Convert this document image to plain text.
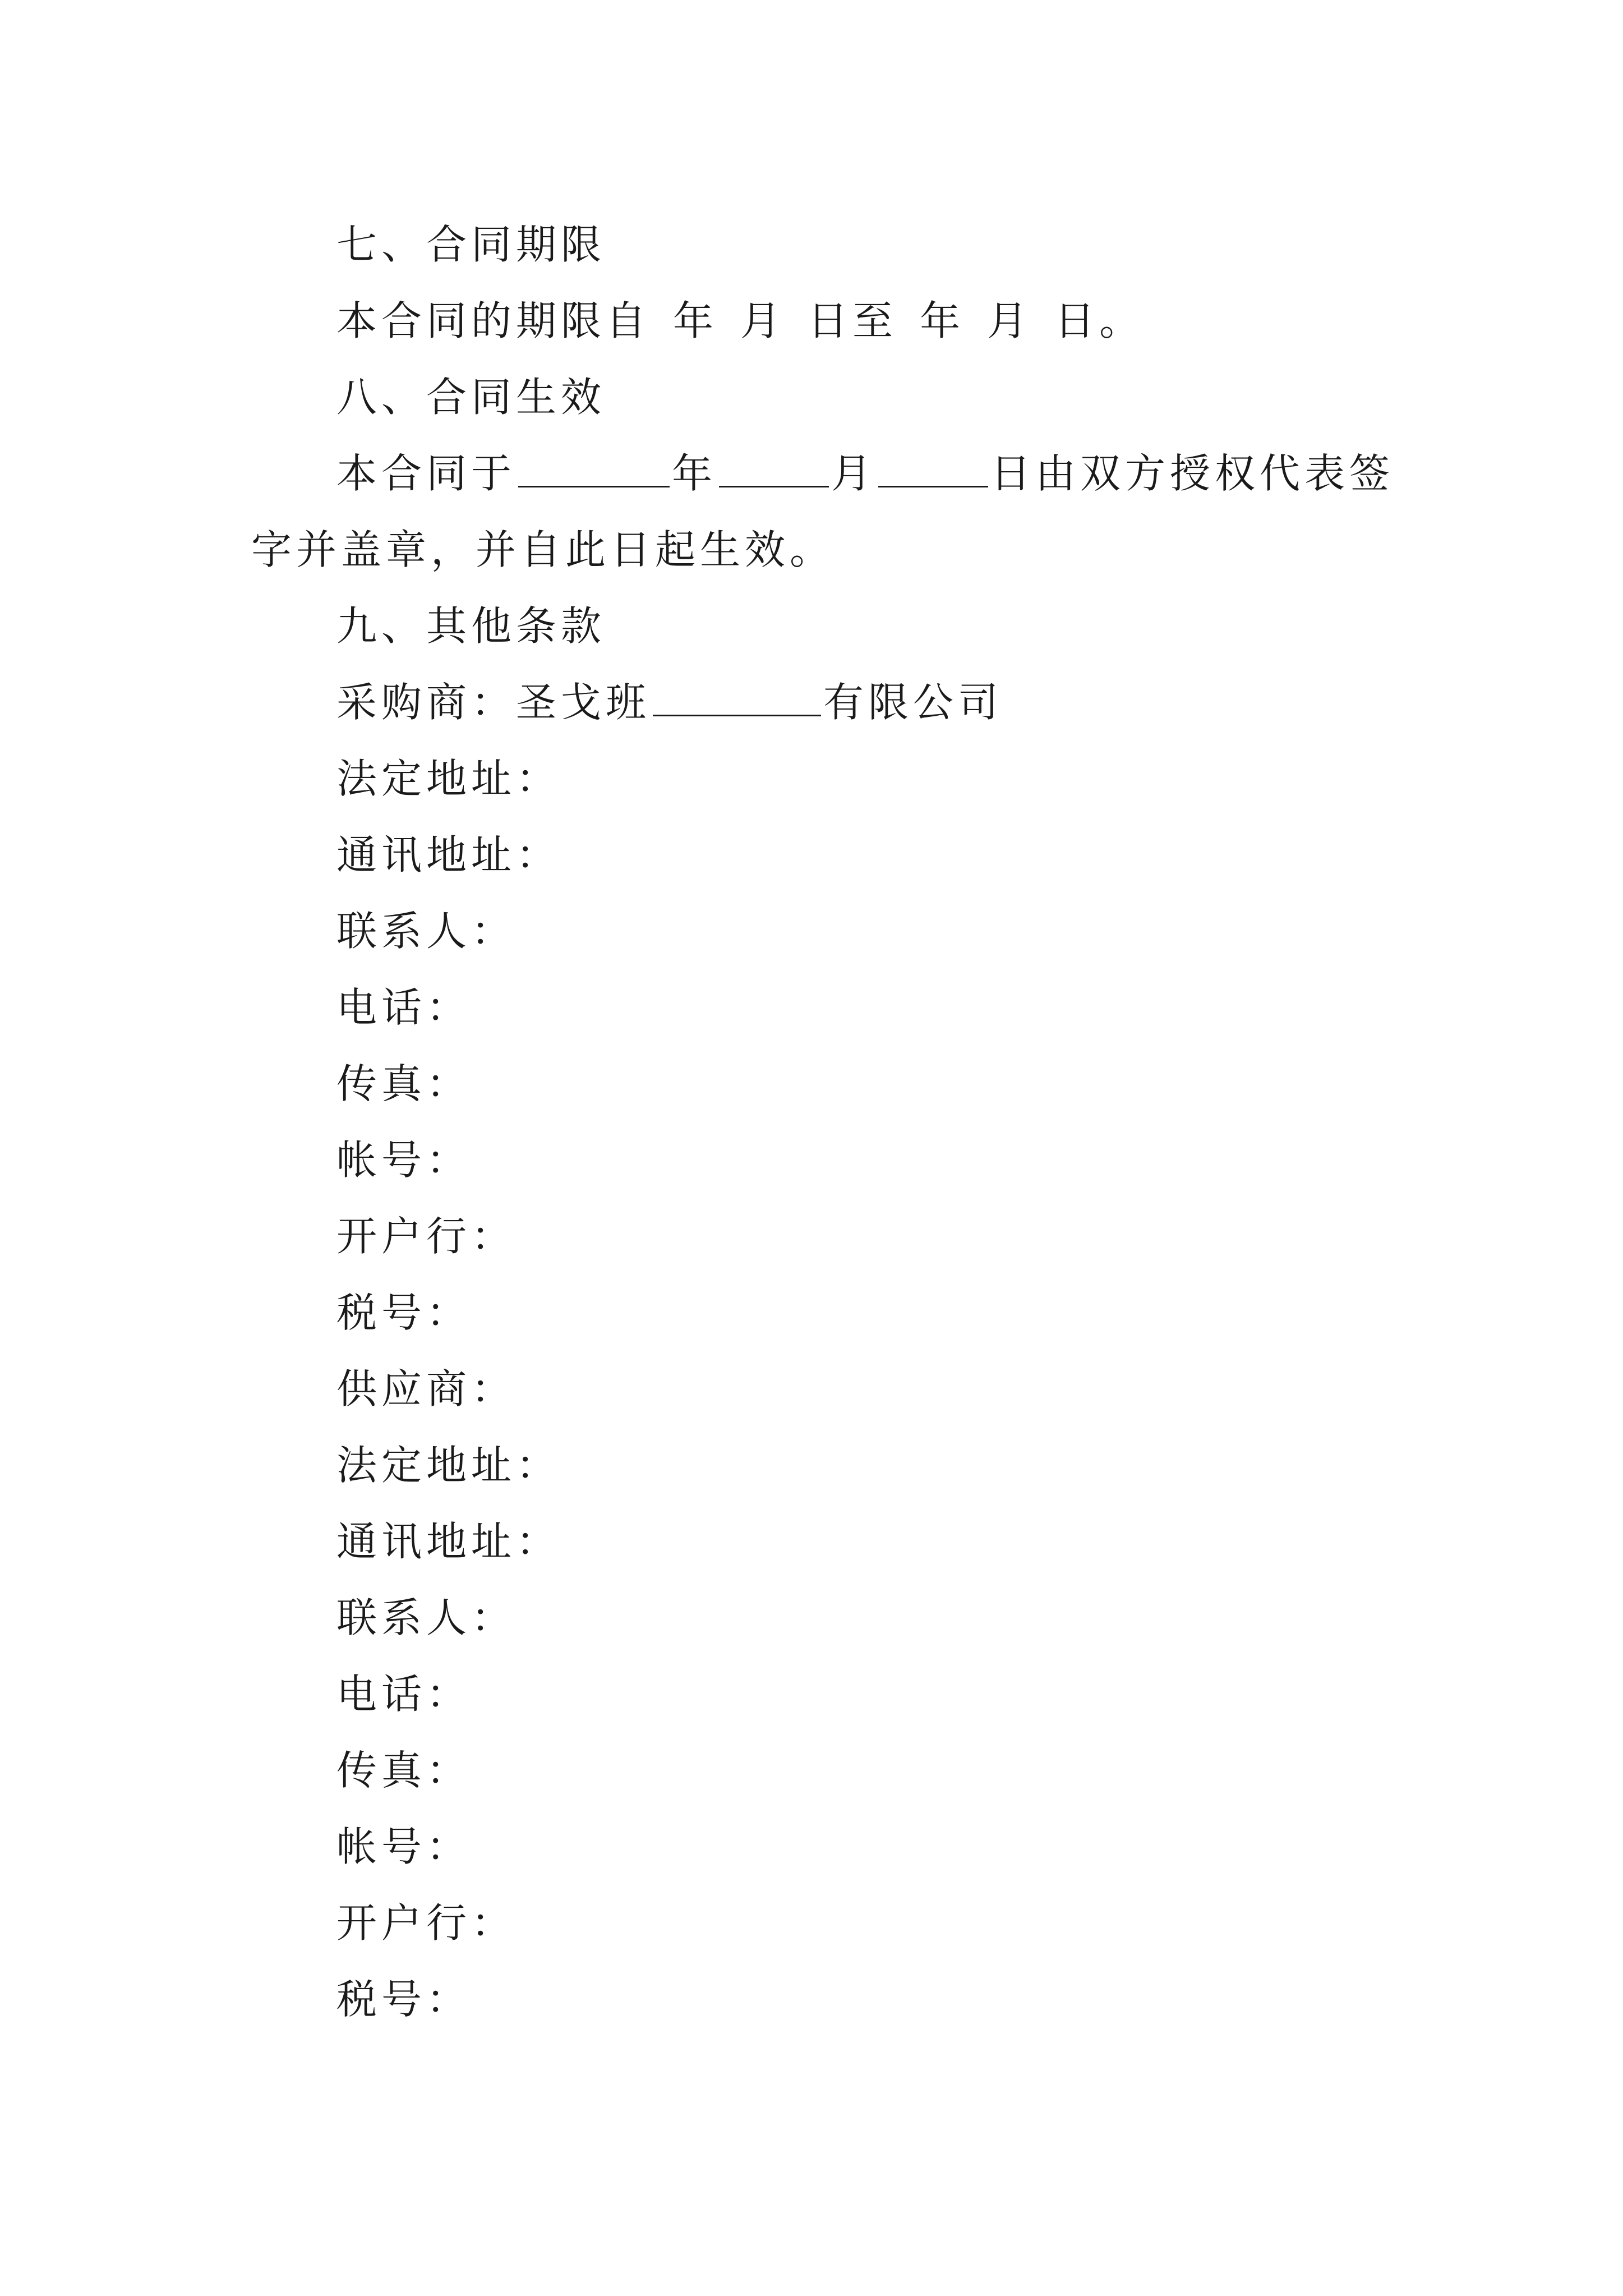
七、合同期限
本合同的期限自 年 月 日至 年 月 日。
八、合同生效
本合同于	年	月	日由双方授权代表签
字并盖章，并自此日起生效。
九、其他条款
采购商：圣戈班	有限公司
法定地址：
通讯地址：
联系人：
电话：
传真：
帐号：
开户行：
税号：
供应商：
法定地址：
通讯地址：
联系人：
电话：
传真：
帐号：
开户行：
税号：
